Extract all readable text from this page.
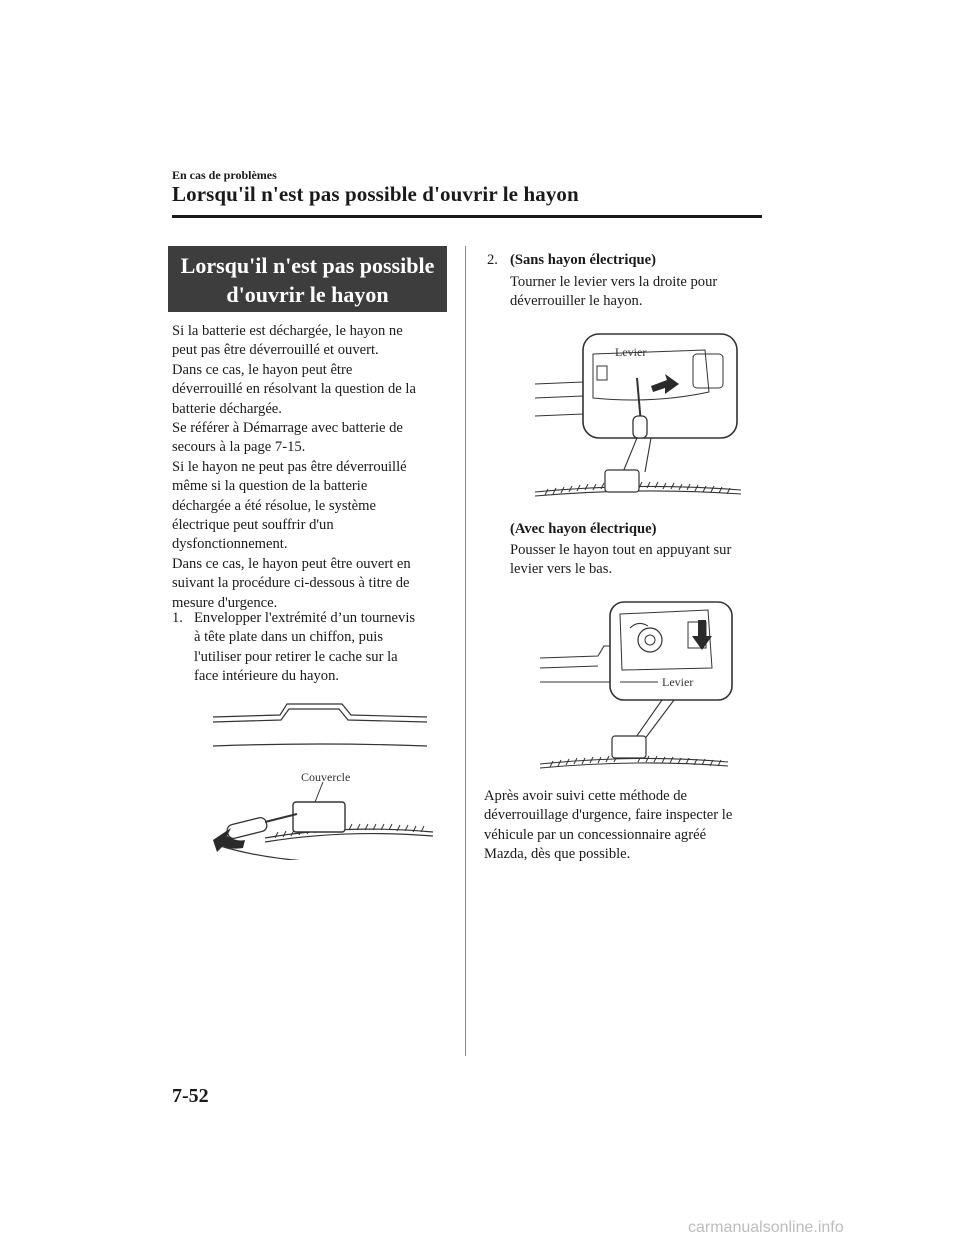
En cas de problèmes
Lorsqu'il n'est pas possible d'ouvrir le hayon
Lorsqu'il n'est pas possible
d'ouvrir le hayon
Si la batterie est déchargée, le hayon ne
peut pas être déverrouillé et ouvert.
Dans ce cas, le hayon peut être
déverrouillé en résolvant la question de la
batterie déchargée.
Se référer à Démarrage avec batterie de
secours à la page 7-15.
Si le hayon ne peut pas être déverrouillé
même si la question de la batterie
déchargée a été résolue, le système
électrique peut souffrir d'un
dysfonctionnement.
Dans ce cas, le hayon peut être ouvert en
suivant la procédure ci-dessous à titre de
mesure d'urgence.
1. Envelopper l'extrémité d’un tournevis
à tête plate dans un chiffon, puis
l'utiliser pour retirer le cache sur la
face intérieure du hayon.
Couvercle
2. (Sans hayon électrique)
Tourner le levier vers la droite pour
déverrouiller le hayon.
Levier
(Avec hayon électrique)
Pousser le hayon tout en appuyant sur
levier vers le bas.
Levier
Après avoir suivi cette méthode de
déverrouillage d'urgence, faire inspecter le
véhicule par un concessionnaire agréé
Mazda, dès que possible.
7-52
carmanualsonline.info
